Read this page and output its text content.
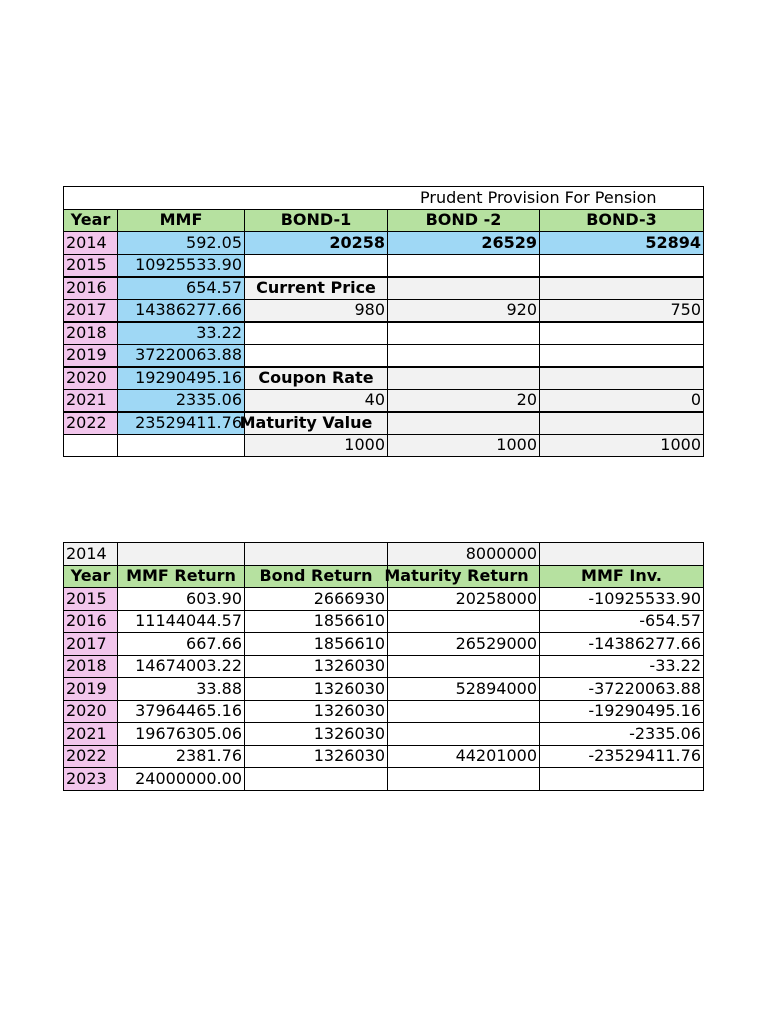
Prudent Provision For Pension				
Year	MMF	BOND-1	BOND -2	BOND-3
2014	592.05	20258	26529	52894
2015	10925533.90			
2016	654.57	Current Price		
2017	14386277.66	980	920	750
2018	33.22			
2019	37220063.88			
2020	19290495.16	Coupon Rate		
2021	2335.06	40	20	0
2022	23529411.76	Maturity Value		
		1000	1000	1000
2014			8000000	
Year	MMF Return	Bond Return	Maturity Return	MMF Inv.
2015	603.90	2666930	20258000	-10925533.90
2016	11144044.57	1856610		-654.57
2017	667.66	1856610	26529000	-14386277.66
2018	14674003.22	1326030		-33.22
2019	33.88	1326030	52894000	-37220063.88
2020	37964465.16	1326030		-19290495.16
2021	19676305.06	1326030		-2335.06
2022	2381.76	1326030	44201000	-23529411.76
2023	24000000.00			
